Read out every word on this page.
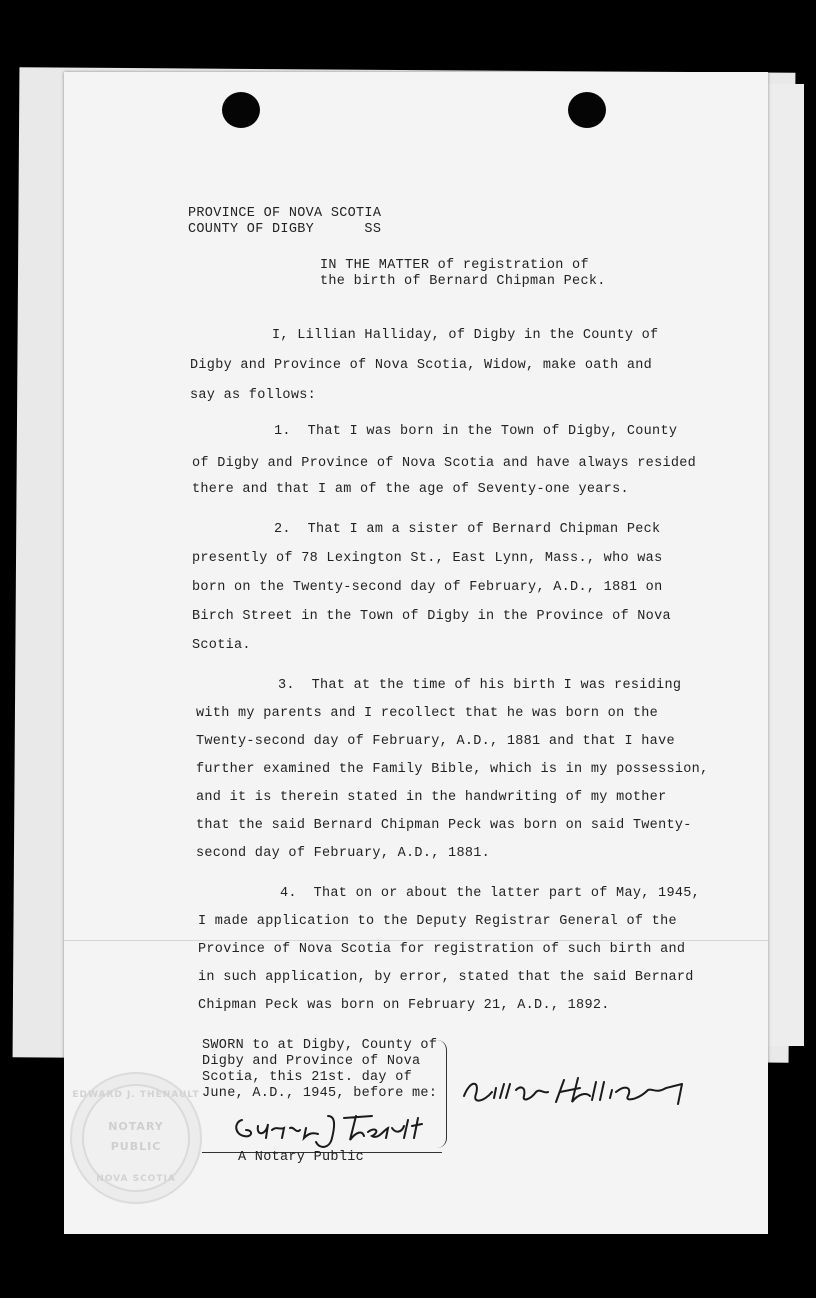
PROVINCE OF NOVA SCOTIA
COUNTY OF DIGBY      SS
IN THE MATTER of registration of
the birth of Bernard Chipman Peck.
I, Lillian Halliday, of Digby in the County of
Digby and Province of Nova Scotia, Widow, make oath and
say as follows:
1.  That I was born in the Town of Digby, County
of Digby and Province of Nova Scotia and have always resided
there and that I am of the age of Seventy-one years.
2.  That I am a sister of Bernard Chipman Peck
presently of 78 Lexington St., East Lynn, Mass., who was
born on the Twenty-second day of February, A.D., 1881 on
Birch Street in the Town of Digby in the Province of Nova
Scotia.
3.  That at the time of his birth I was residing
with my parents and I recollect that he was born on the
Twenty-second day of February, A.D., 1881 and that I have
further examined the Family Bible, which is in my possession,
and it is therein stated in the handwriting of my mother
that the said Bernard Chipman Peck was born on said Twenty-
second day of February, A.D., 1881.
4.  That on or about the latter part of May, 1945,
I made application to the Deputy Registrar General of the
Province of Nova Scotia for registration of such birth and
in such application, by error, stated that the said Bernard
Chipman Peck was born on February 21, A.D., 1892.
SWORN to at Digby, County of
Digby and Province of Nova
Scotia, this 21st. day of
June, A.D., 1945, before me:
A Notary Public
EDWARD J. THENAULT
NOTARY
PUBLIC
NOVA SCOTIA
